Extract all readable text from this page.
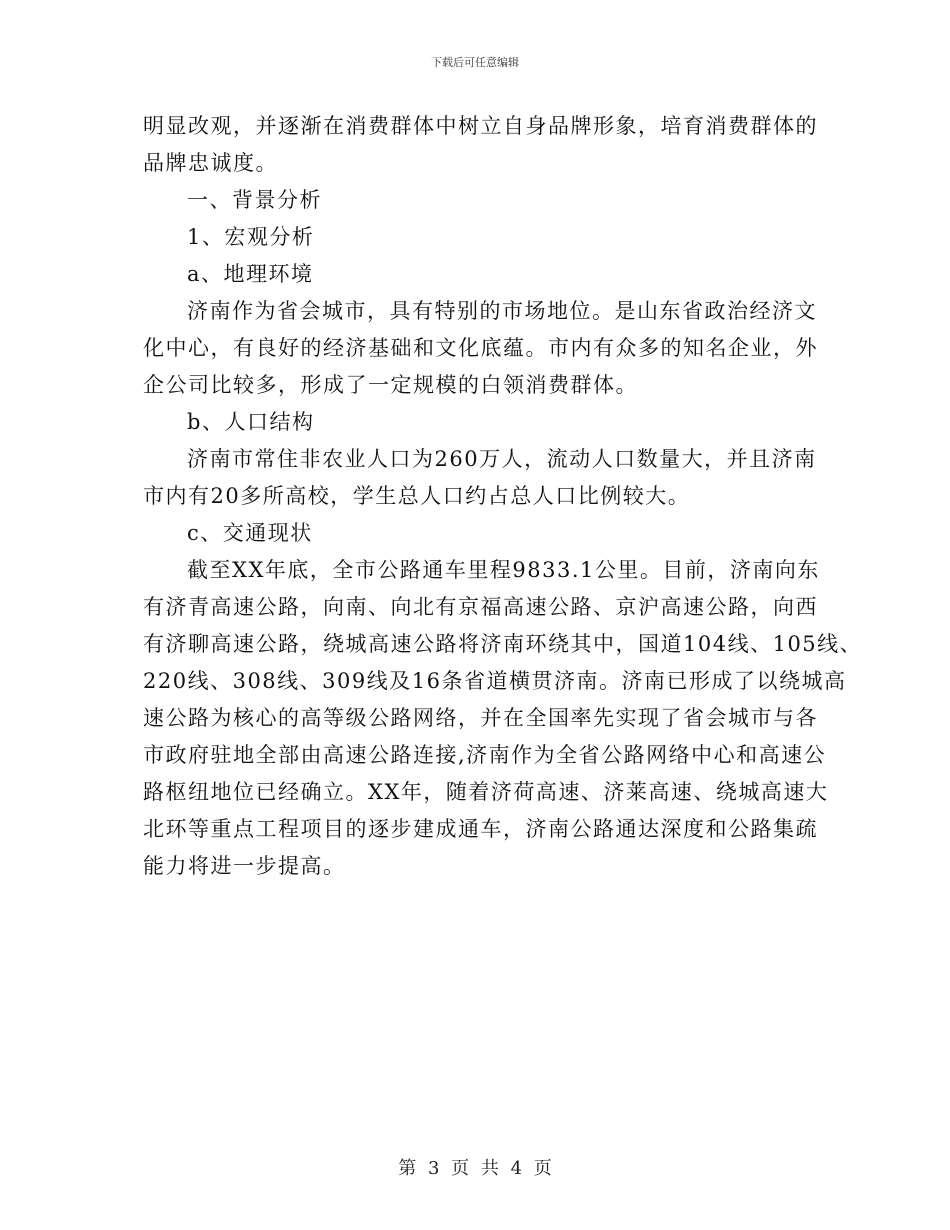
下载后可任意编辑
明显改观，并逐渐在消费群体中树立自身品牌形象，培育消费群体的
品牌忠诚度。
一、背景分析
1、宏观分析
a、地理环境
济南作为省会城市，具有特别的市场地位。是山东省政治经济文
化中心，有良好的经济基础和文化底蕴。市内有众多的知名企业，外
企公司比较多，形成了一定规模的白领消费群体。
b、人口结构
济南市常住非农业人口为260万人，流动人口数量大，并且济南
市内有20多所高校，学生总人口约占总人口比例较大。
c、交通现状
截至XX年底，全市公路通车里程9833.1公里。目前，济南向东
有济青高速公路，向南、向北有京福高速公路、京沪高速公路，向西
有济聊高速公路，绕城高速公路将济南环绕其中，国道104线、105线、
220线、308线、309线及16条省道横贯济南。济南已形成了以绕城高
速公路为核心的高等级公路网络，并在全国率先实现了省会城市与各
市政府驻地全部由高速公路连接,济南作为全省公路网络中心和高速公
路枢纽地位已经确立。XX年，随着济荷高速、济莱高速、绕城高速大
北环等重点工程项目的逐步建成通车，济南公路通达深度和公路集疏
能力将进一步提高。
第 3 页 共 4 页
